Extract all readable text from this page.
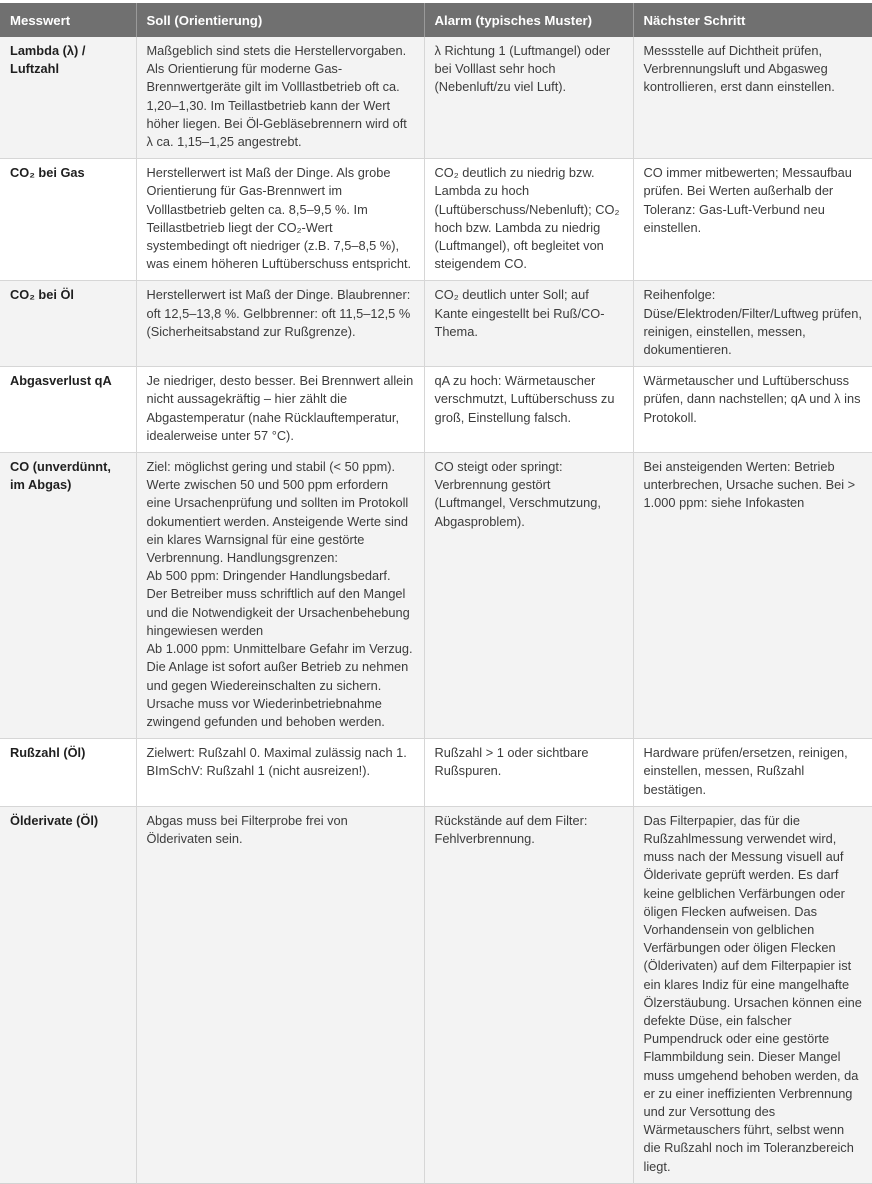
Messwert	Soll (Orientierung)	Alarm (typisches Muster)	Nächster Schritt
Lambda (λ) / Luftzahl	Maßgeblich sind stets die Herstellervorgaben. Als Orientierung für moderne Gas-Brennwertgeräte gilt im Volllastbetrieb oft ca. 1,20–1,30. Im Teillastbetrieb kann der Wert höher liegen. Bei Öl-Gebläsebrennern wird oft λ ca. 1,15–1,25 angestrebt.	λ Richtung 1 (Luftmangel) oder bei Volllast sehr hoch (Nebenluft/zu viel Luft).	Messstelle auf Dichtheit prüfen, Verbrennungsluft und Abgasweg kontrollieren, erst dann einstellen.
CO₂ bei Gas	Herstellerwert ist Maß der Dinge. Als grobe Orientierung für Gas-Brennwert im Volllastbetrieb gelten ca. 8,5–9,5 %. Im Teillastbetrieb liegt der CO₂-Wert systembedingt oft niedriger (z.B. 7,5–8,5 %), was einem höheren Luftüberschuss entspricht.	CO₂ deutlich zu niedrig bzw. Lambda zu hoch (Luftüberschuss/Nebenluft); CO₂ hoch bzw. Lambda zu niedrig (Luftmangel), oft begleitet von steigendem CO.	CO immer mitbewerten; Messaufbau prüfen. Bei Werten außerhalb der Toleranz: Gas-Luft-Verbund neu einstellen.
CO₂ bei Öl	Herstellerwert ist Maß der Dinge. Blaubrenner: oft 12,5–13,8 %. Gelbbrenner: oft 11,5–12,5 % (Sicherheitsabstand zur Rußgrenze).	CO₂ deutlich unter Soll; auf Kante eingestellt bei Ruß/CO-Thema.	Reihenfolge: Düse/Elektroden/Filter/Luftweg prüfen, reinigen, einstellen, messen, dokumentieren.
Abgasverlust qA	Je niedriger, desto besser. Bei Brennwert allein nicht aussagekräftig – hier zählt die Abgastemperatur (nahe Rücklauftemperatur, idealerweise unter 57 °C).	qA zu hoch: Wärmetauscher verschmutzt, Luftüberschuss zu groß, Einstellung falsch.	Wärmetauscher und Luftüberschuss prüfen, dann nachstellen; qA und λ ins Protokoll.
CO (unverdünnt, im Abgas)	Ziel: möglichst gering und stabil (< 50 ppm). Werte zwischen 50 und 500 ppm erfordern eine Ursachenprüfung und sollten im Protokoll dokumentiert werden. Ansteigende Werte sind ein klares Warnsignal für eine gestörte Verbrennung. Handlungsgrenzen:
Ab 500 ppm: Dringender Handlungsbedarf. Der Betreiber muss schriftlich auf den Mangel und die Notwendigkeit der Ursachenbehebung hingewiesen werden
Ab 1.000 ppm: Unmittelbare Gefahr im Verzug. Die Anlage ist sofort außer Betrieb zu nehmen und gegen Wiedereinschalten zu sichern. Ursache muss vor Wiederinbetriebnahme zwingend gefunden und behoben werden.	CO steigt oder springt: Verbrennung gestört (Luftmangel, Verschmutzung, Abgasproblem).	Bei ansteigenden Werten: Betrieb unterbrechen, Ursache suchen. Bei > 1.000 ppm: siehe Infokasten
Rußzahl (Öl)	Zielwert: Rußzahl 0. Maximal zulässig nach 1. BImSchV: Rußzahl 1 (nicht ausreizen!).	Rußzahl > 1 oder sichtbare Rußspuren.	Hardware prüfen/ersetzen, reinigen, einstellen, messen, Rußzahl bestätigen.
Ölderivate (Öl)	Abgas muss bei Filterprobe frei von Ölderivaten sein.	Rückstände auf dem Filter: Fehlverbrennung.	Das Filterpapier, das für die Rußzahlmessung verwendet wird, muss nach der Messung visuell auf Ölderivate geprüft werden. Es darf keine gelblichen Verfärbungen oder öligen Flecken aufweisen. Das Vorhandensein von gelblichen Verfärbungen oder öligen Flecken (Ölderivaten) auf dem Filterpapier ist ein klares Indiz für eine mangelhafte Ölzerstäubung. Ursachen können eine defekte Düse, ein falscher Pumpendruck oder eine gestörte Flammbildung sein. Dieser Mangel muss umgehend behoben werden, da er zu einer ineffizienten Verbrennung und zur Versottung des Wärmetauschers führt, selbst wenn die Rußzahl noch im Toleranzbereich liegt.
